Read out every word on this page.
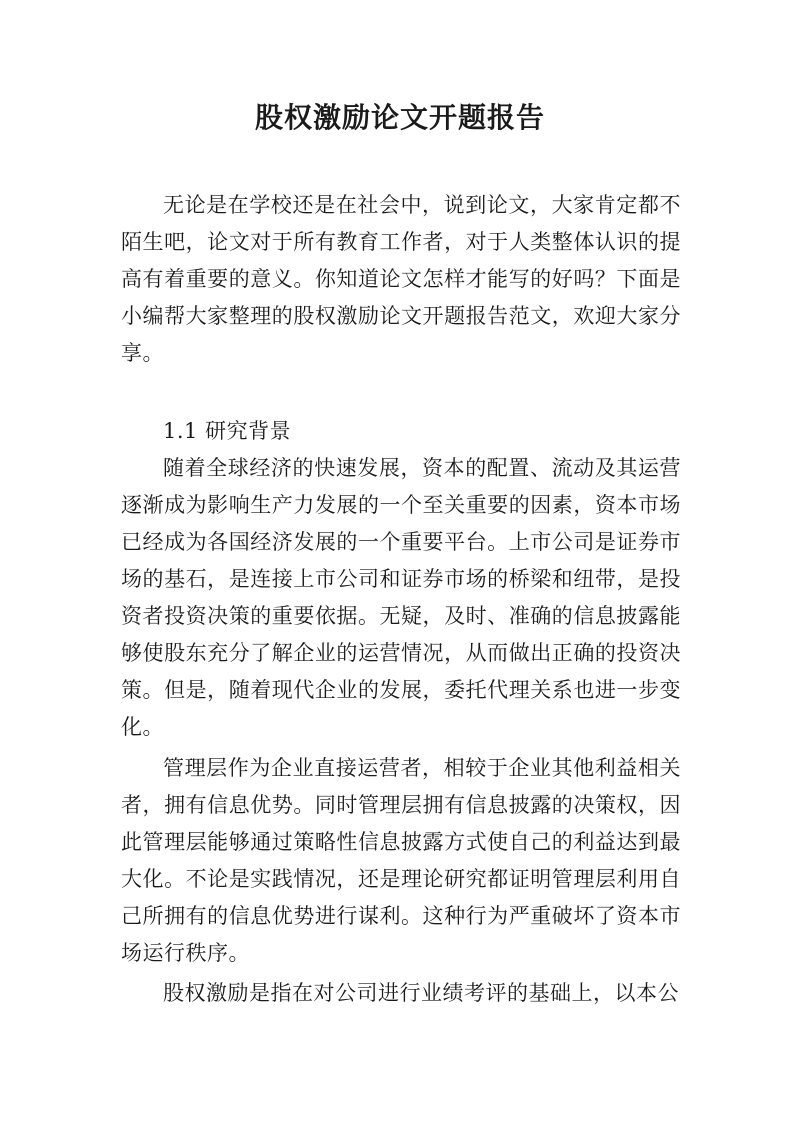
股权激励论文开题报告

无论是在学校还是在社会中，说到论文，大家肯定都不陌生吧，论文对于所有教育工作者，对于人类整体认识的提高有着重要的意义。你知道论文怎样才能写的好吗？下面是小编帮大家整理的股权激励论文开题报告范文，欢迎大家分享。

1.1 研究背景

随着全球经济的快速发展，资本的配置、流动及其运营逐渐成为影响生产力发展的一个至关重要的因素，资本市场已经成为各国经济发展的一个重要平台。上市公司是证券市场的基石，是连接上市公司和证券市场的桥梁和纽带，是投资者投资决策的重要依据。无疑，及时、准确的信息披露能够使股东充分了解企业的运营情况，从而做出正确的投资决策。但是，随着现代企业的发展，委托代理关系也进一步变化。

管理层作为企业直接运营者，相较于企业其他利益相关者，拥有信息优势。同时管理层拥有信息披露的决策权，因此管理层能够通过策略性信息披露方式使自己的利益达到最大化。不论是实践情况，还是理论研究都证明管理层利用自己所拥有的信息优势进行谋利。这种行为严重破坏了资本市场运行秩序。

股权激励是指在对公司进行业绩考评的基础上，以本公
